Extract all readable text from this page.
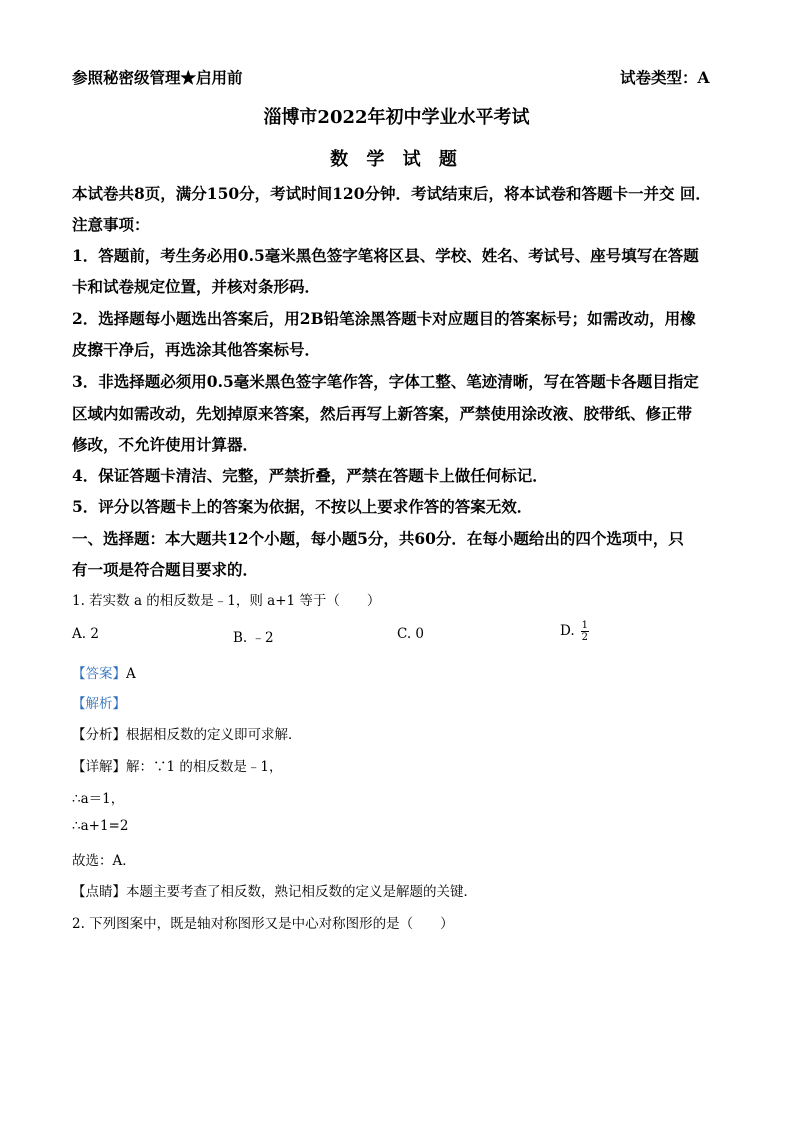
参照秘密级管理★启用前	试卷类型：A
淄博市2022年初中学业水平考试
数 学 试 题
本试卷共8页，满分150分，考试时间120分钟．考试结束后，将本试卷和答题卡一并交 回．
注意事项：
1．答题前，考生务必用0.5毫米黑色签字笔将区县、学校、姓名、考试号、座号填写在答题
卡和试卷规定位置，并核对条形码．
2．选择题每小题选出答案后，用2B铅笔涂黑答题卡对应题目的答案标号；如需改动，用橡
皮擦干净后，再选涂其他答案标号．
3．非选择题必须用0.5毫米黑色签字笔作答，字体工整、笔迹清晰，写在答题卡各题目指定
区域内如需改动，先划掉原来答案，然后再写上新答案，严禁使用涂改液、胶带纸、修正带
修改，不允许使用计算器．
4．保证答题卡清洁、完整，严禁折叠，严禁在答题卡上做任何标记．
5．评分以答题卡上的答案为依据，不按以上要求作答的答案无效．
一、选择题：本大题共12个小题，每小题5分，共60分．在每小题给出的四个选项中，只
有一项是符合题目要求的．
1. 若实数 a 的相反数是﹣1，则 a+1 等于（　　）
A. 2	B. ﹣2	C. 0	D. $\frac{1}{2}$
【答案】A
【解析】
【分析】根据相反数的定义即可求解．
【详解】解：∵1 的相反数是﹣1，
∴a＝1，
∴a+1=2
故选：A．
【点睛】本题主要考查了相反数，熟记相反数的定义是解题的关键．
2. 下列图案中，既是轴对称图形又是中心对称图形的是（　　）
